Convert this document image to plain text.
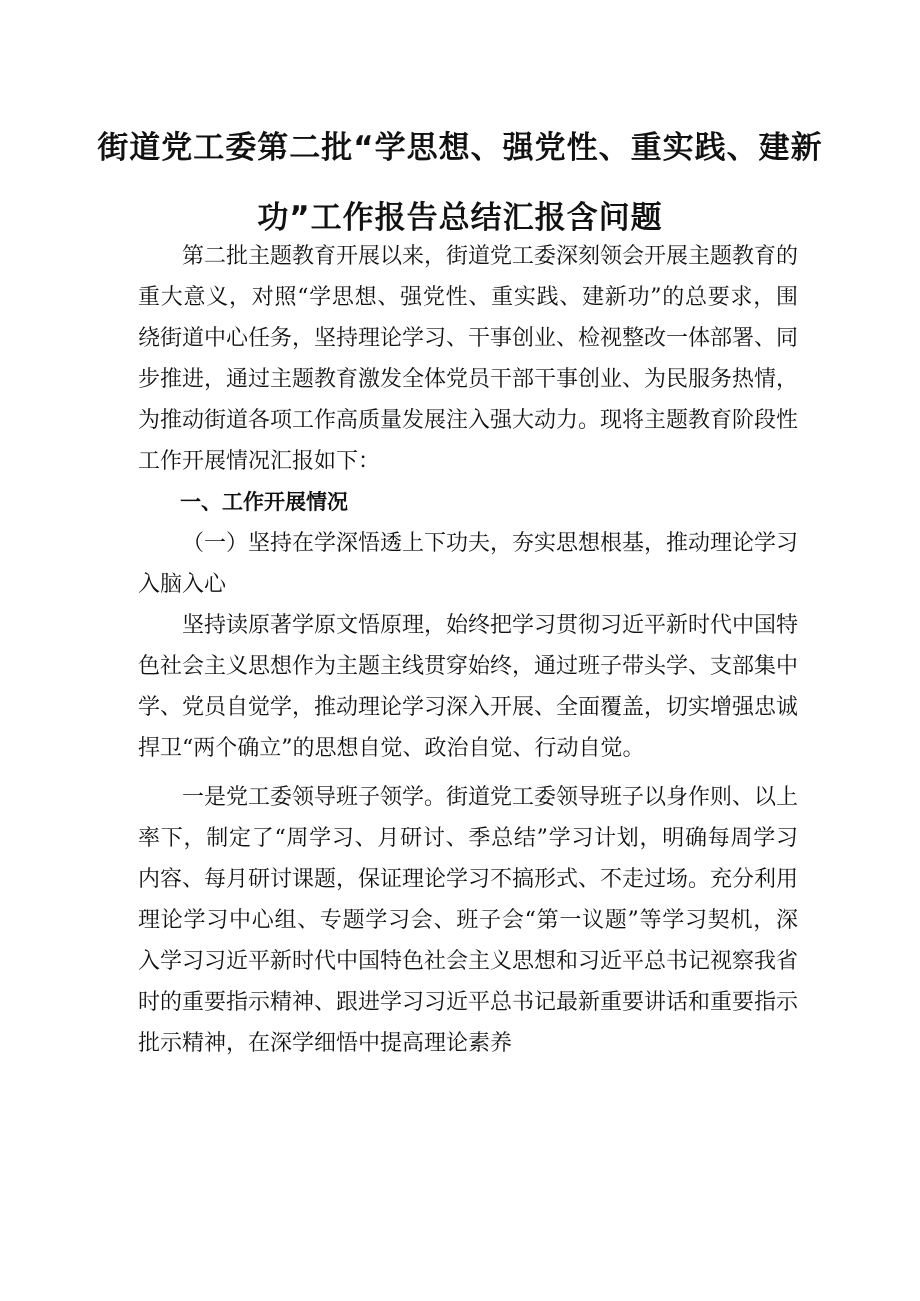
街道党工委第二批“学思想、强党性、重实践、建新
功”工作报告总结汇报含问题

第二批主题教育开展以来，街道党工委深刻领会开展主题教育的重大意义，对照“学思想、强党性、重实践、建新功”的总要求，围绕街道中心任务，坚持理论学习、干事创业、检视整改一体部署、同步推进，通过主题教育激发全体党员干部干事创业、为民服务热情，为推动街道各项工作高质量发展注入强大动力。现将主题教育阶段性工作开展情况汇报如下：

一、工作开展情况

（一）坚持在学深悟透上下功夫，夯实思想根基，推动理论学习入脑入心

坚持读原著学原文悟原理，始终把学习贯彻习近平新时代中国特色社会主义思想作为主题主线贯穿始终，通过班子带头学、支部集中学、党员自觉学，推动理论学习深入开展、全面覆盖，切实增强忠诚捍卫“两个确立”的思想自觉、政治自觉、行动自觉。

一是党工委领导班子领学。街道党工委领导班子以身作则、以上率下，制定了“周学习、月研讨、季总结”学习计划，明确每周学习内容、每月研讨课题，保证理论学习不搞形式、不走过场。充分利用理论学习中心组、专题学习会、班子会“第一议题”等学习契机，深入学习习近平新时代中国特色社会主义思想和习近平总书记视察我省时的重要指示精神、跟进学习习近平总书记最新重要讲话和重要指示批示精神，在深学细悟中提高理论素养
